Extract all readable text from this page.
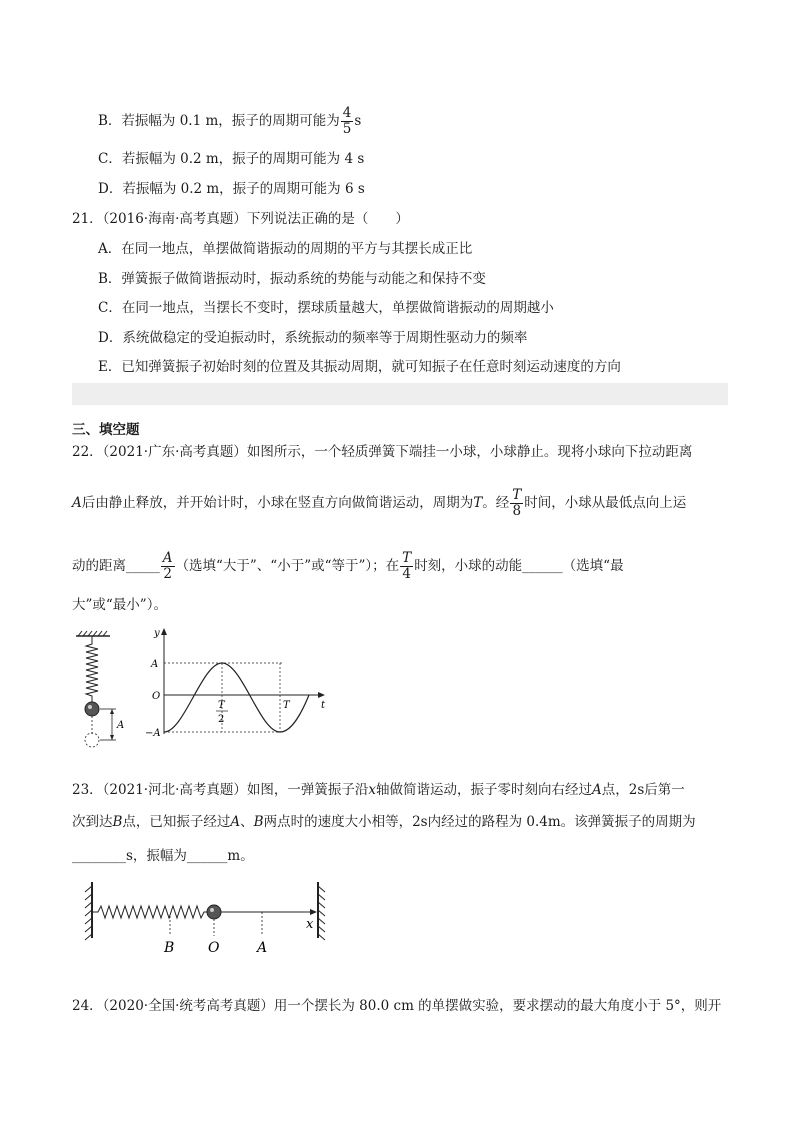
B．若振幅为 0.1 m，振子的周期可能为 $\frac{4}{5}$ s
C．若振幅为 0.2 m，振子的周期可能为 4 s
D．若振幅为 0.2 m，振子的周期可能为 6 s
21．（2016·海南·高考真题）下列说法正确的是（　　）
A．在同一地点，单摆做简谐振动的周期的平方与其摆长成正比
B．弹簧振子做简谐振动时，振动系统的势能与动能之和保持不变
C．在同一地点，当摆长不变时，摆球质量越大，单摆做简谐振动的周期越小
D．系统做稳定的受迫振动时，系统振动的频率等于周期性驱动力的频率
E．已知弹簧振子初始时刻的位置及其振动周期，就可知振子在任意时刻运动速度的方向
三、填空题
22．（2021·广东·高考真题）如图所示，一个轻质弹簧下端挂一小球，小球静止。现将小球向下拉动距离
A后由静止释放，并开始计时，小球在竖直方向做简谐运动，周期为T。经 $\frac{T}{8}$ 时间，小球从最低点向上运
动的距离_____ $\frac{A}{2}$ （选填“大于”、“小于”或“等于”）；在 $\frac{T}{4}$ 时刻，小球的动能______（选填“最
大”或“最小”）。
A
y
t
A
O
−A
T
2
T
23．（2021·河北·高考真题）如图，一弹簧振子沿x轴做简谐运动，振子零时刻向右经过A点，2s后第一
次到达B点，已知振子经过A、B两点时的速度大小相等，2s内经过的路程为 0.4m。该弹簧振子的周期为
________s，振幅为______m。
x
B O	A
24．（2020·全国·统考高考真题）用一个摆长为 80.0 cm 的单摆做实验，要求摆动的最大角度小于 5°，则开
